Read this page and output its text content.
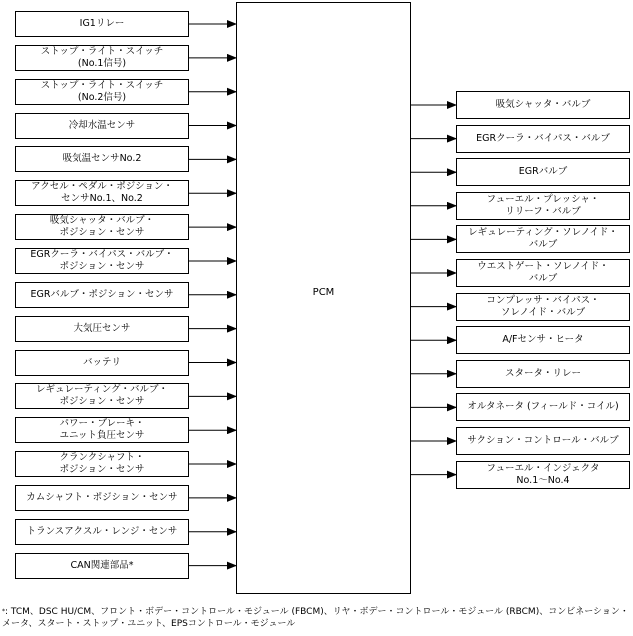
PCM
IG1リレー
ストップ・ライト・スイッチ
(No.1信号)
ストップ・ライト・スイッチ
(No.2信号)
冷却水温センサ
吸気温センサNo.2
アクセル・ペダル・ポジション・
センサNo.1、No.2
吸気シャッタ・バルブ・
ポジション・センサ
EGRクーラ・バイパス・バルブ・
ポジション・センサ
EGRバルブ・ポジション・センサ
大気圧センサ
バッテリ
レギュレーティング・バルブ・
ポジション・センサ
パワー・ブレーキ・
ユニット負圧センサ
クランクシャフト・
ポジション・センサ
カムシャフト・ポジション・センサ
トランスアクスル・レンジ・センサ
CAN関連部品*
吸気シャッタ・バルブ
EGRクーラ・バイパス・バルブ
EGRバルブ
フューエル・プレッシャ・
リリーフ・バルブ
レギュレーティング・ソレノイド・
バルブ
ウエストゲート・ソレノイド・
バルブ
コンプレッサ・バイパス・
ソレノイド・バルブ
A/Fセンサ・ヒータ
スタータ・リレー
オルタネータ (フィールド・コイル)
サクション・コントロール・バルブ
フューエル・インジェクタ
No.1〜No.4
*: TCM、DSC HU/CM、フロント・ボデー・コントロール・モジュール (FBCM)、リヤ・ボデー・コントロール・モジュール (RBCM)、コンビネーション・メータ、スタート・ストップ・ユニット、EPSコントロール・モジュール
